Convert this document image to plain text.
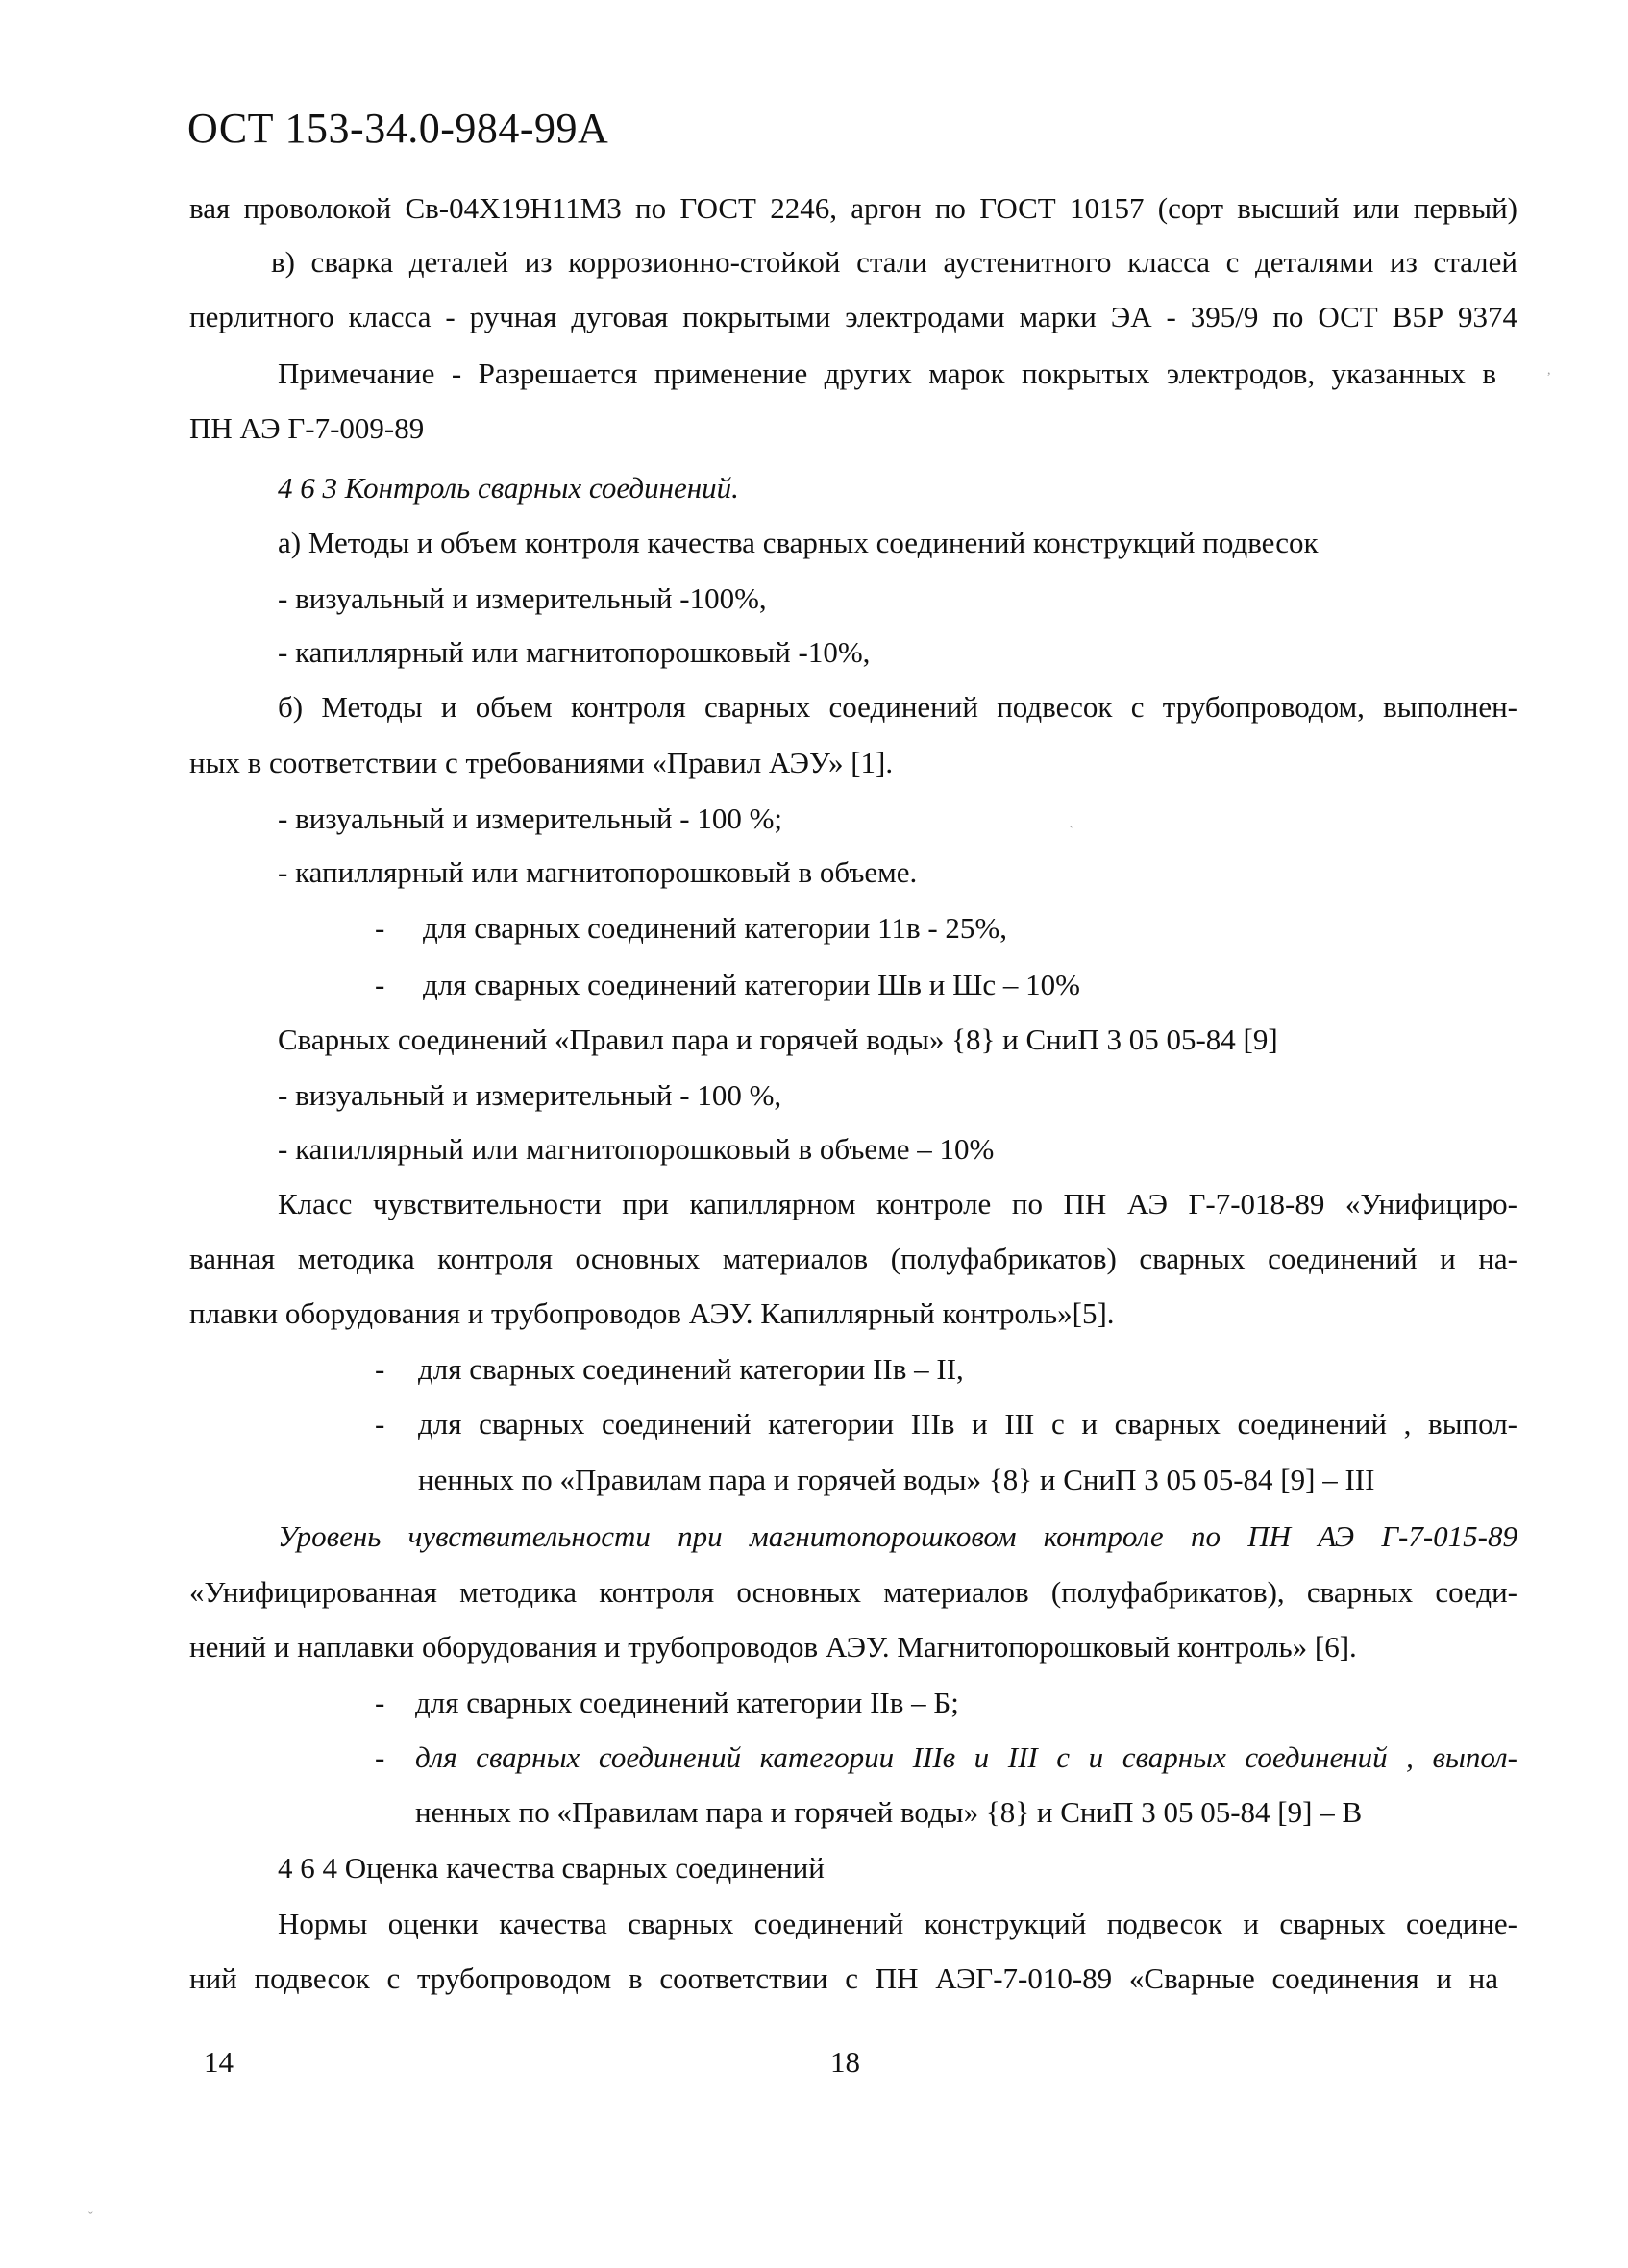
ОСТ 153-34.0-984-99А
вая проволокой Св-04Х19Н11М3 по ГОСТ 2246, аргон по ГОСТ 10157 (сорт высший или первый)
в) сварка деталей из коррозионно-стойкой стали аустенитного класса с деталями из сталей
перлитного класса - ручная дуговая покрытыми электродами марки ЭА - 395/9 по ОСТ В5Р 9374
Примечание - Разрешается применение других марок покрытых электродов, указанных в
ПН АЭ Г-7-009-89
4 6 3 Контроль сварных соединений.
а) Методы и объем контроля качества сварных соединений конструкций подвесок
- визуальный и измерительный -100%,
- капиллярный или магнитопорошковый -10%,
б) Методы и объем контроля сварных соединений подвесок с трубопроводом, выполнен-
ных в соответствии с требованиями «Правил АЭУ» [1].
- визуальный и измерительный - 100 %;
- капиллярный или магнитопорошковый в объеме.
- для сварных соединений категории 11в - 25%,
- для сварных соединений категории Шв и Шс – 10%
Сварных соединений «Правил пара и горячей воды» {8} и СниП 3 05 05-84 [9]
- визуальный и измерительный - 100 %,
- капиллярный или магнитопорошковый в объеме – 10%
Класс чувствительности при капиллярном контроле по ПН АЭ Г-7-018-89 «Унифициро-
ванная методика контроля основных материалов (полуфабрикатов) сварных соединений и на-
плавки оборудования и трубопроводов АЭУ. Капиллярный контроль»[5].
- для сварных соединений категории IIв – II,
- для сварных соединений категории IIIв и III с и сварных соединений , выпол-
ненных по «Правилам пара и горячей воды» {8} и СниП 3 05 05-84 [9] – III
Уровень чувствительности при магнитопорошковом контроле по ПН АЭ Г-7-015-89
«Унифицированная методика контроля основных материалов (полуфабрикатов), сварных соеди-
нений и наплавки оборудования и трубопроводов АЭУ. Магнитопорошковый контроль» [6].
- для сварных соединений категории IIв – Б;
- для сварных соединений категории IIIв и III с и сварных соединений , выпол-
ненных по «Правилам пара и горячей воды» {8} и СниП 3 05 05-84 [9] – В
4 6 4 Оценка качества сварных соединений
Нормы оценки качества сварных соединений конструкций подвесок и сварных соедине-
ний подвесок с трубопроводом в соответствии с ПН АЭГ-7-010-89 «Сварные соединения и на
14	18
,
ˋ
ˇ
